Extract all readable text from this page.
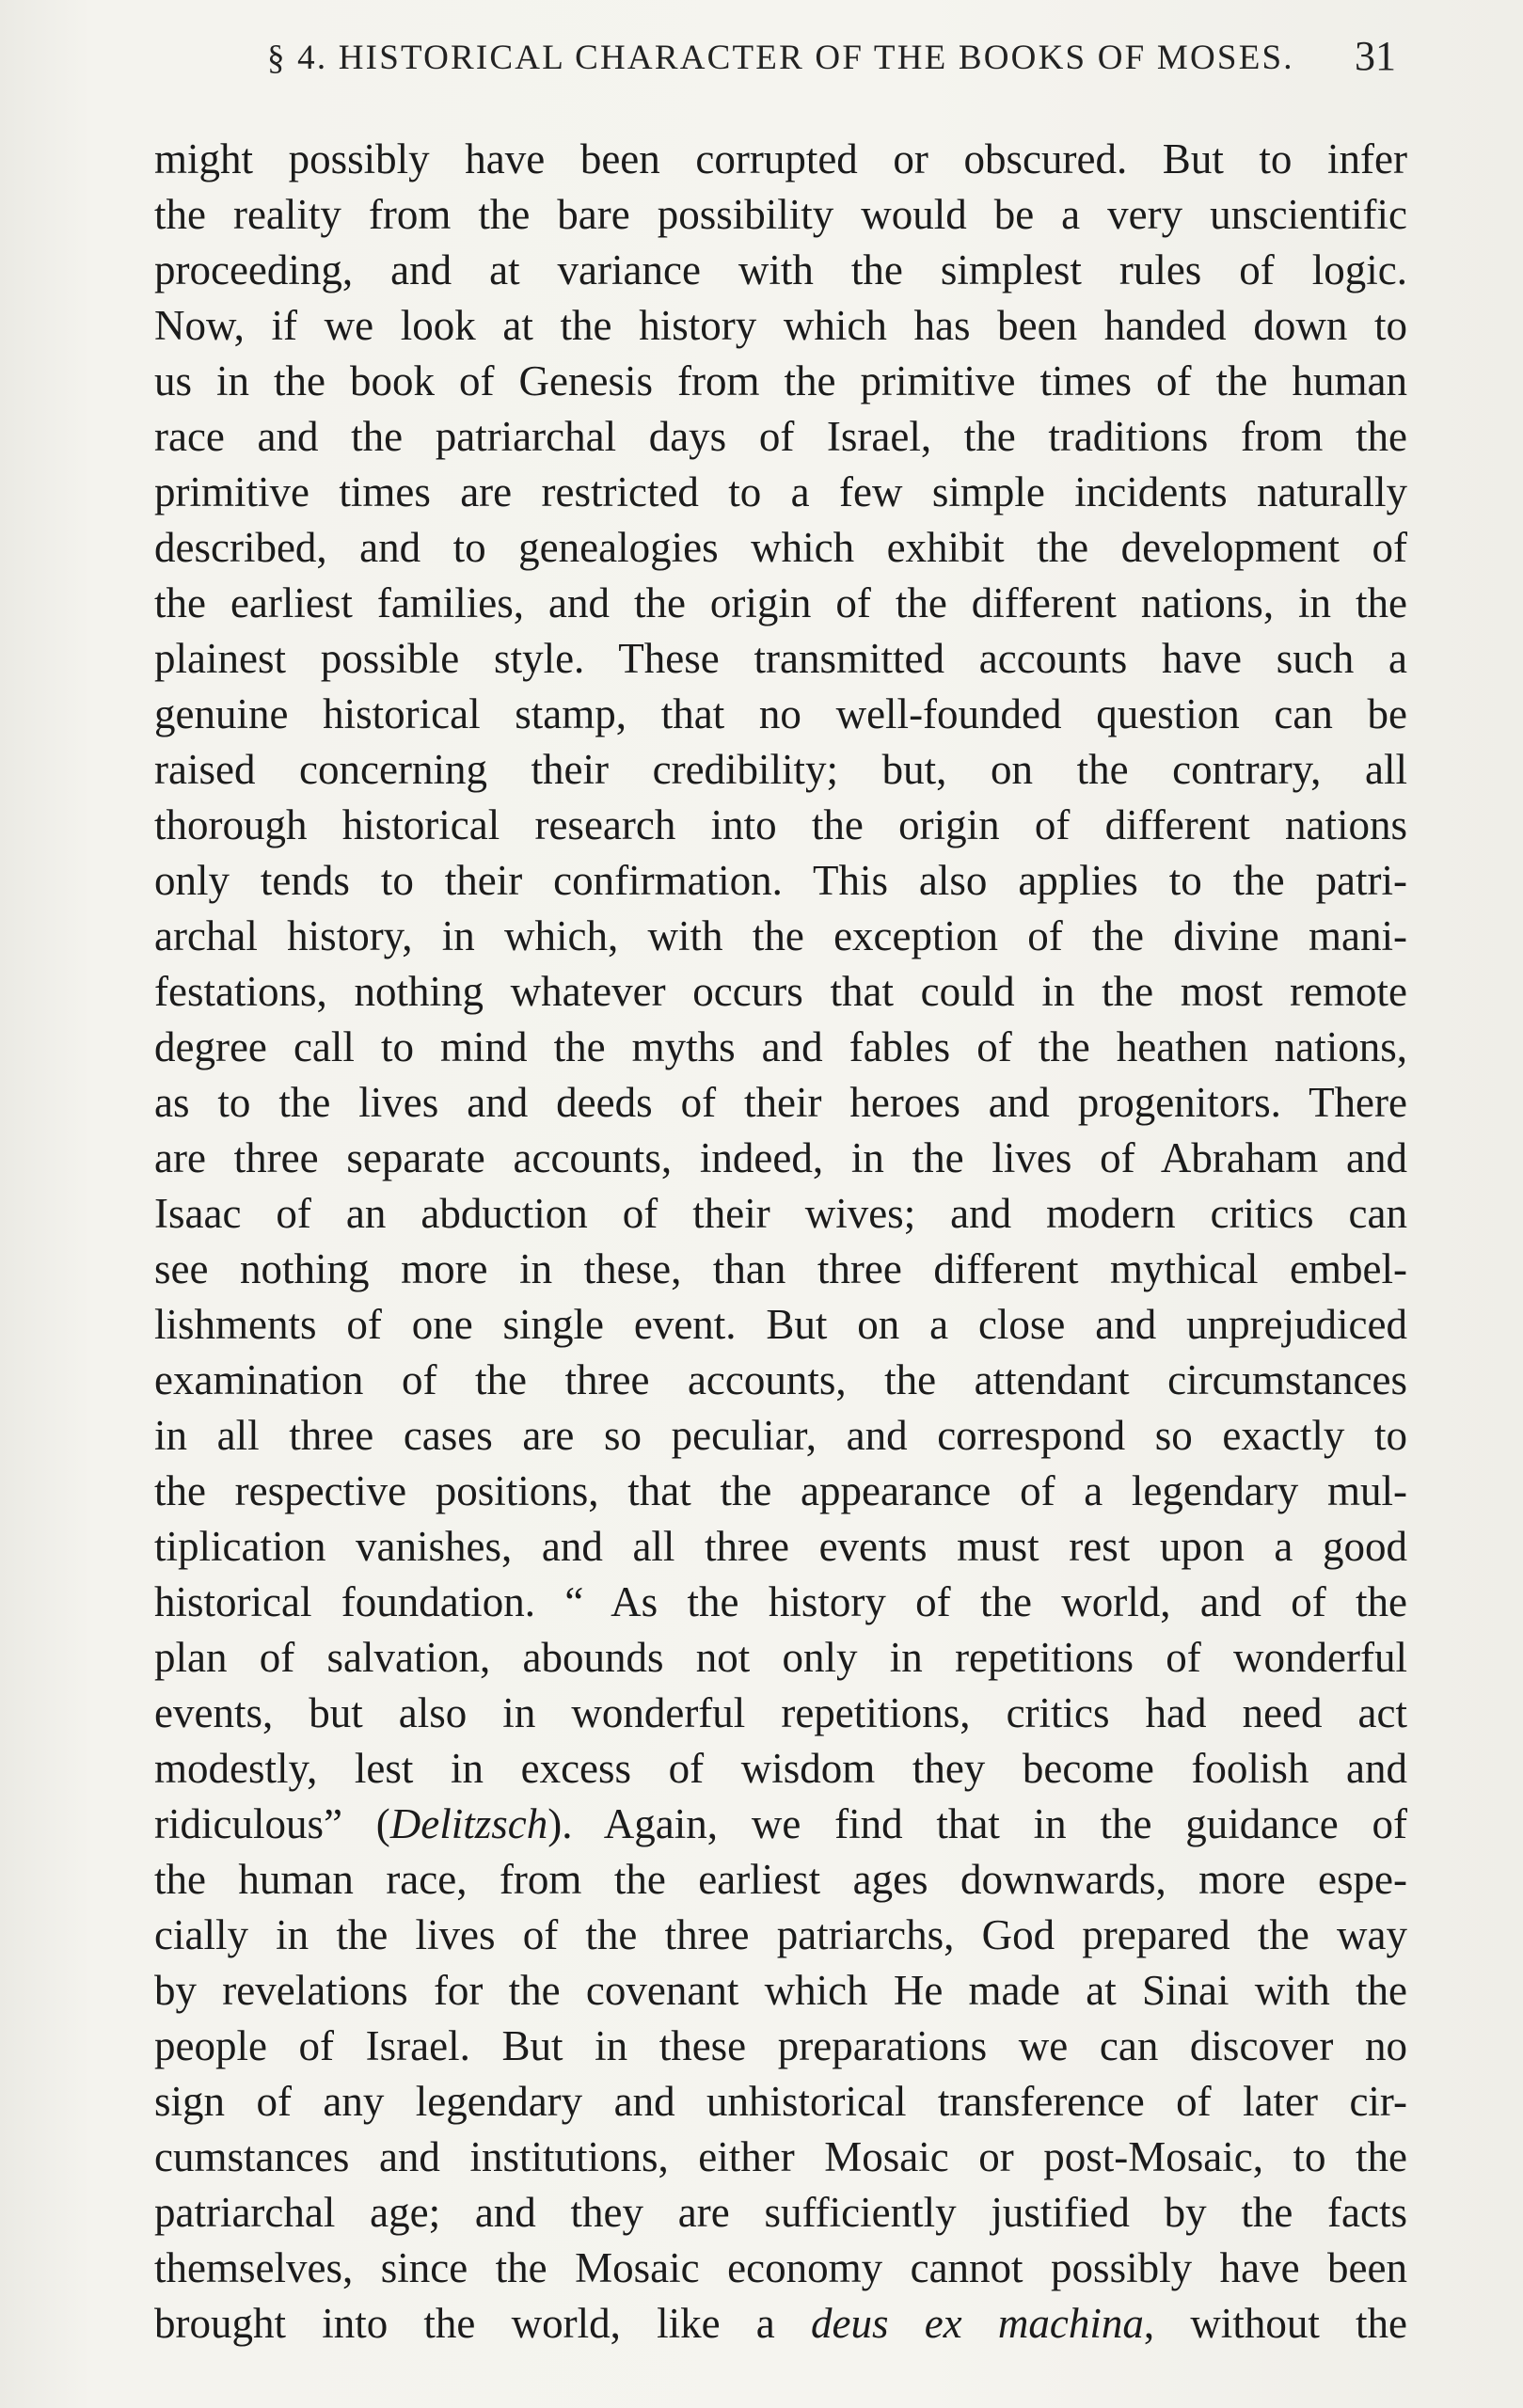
§ 4. HISTORICAL CHARACTER OF THE BOOKS OF MOSES. 31
might possibly have been corrupted or obscured. But to infer
the reality from the bare possibility would be a very unscientific
proceeding, and at variance with the simplest rules of logic.
Now, if we look at the history which has been handed down to
us in the book of Genesis from the primitive times of the human
race and the patriarchal days of Israel, the traditions from the
primitive times are restricted to a few simple incidents naturally
described, and to genealogies which exhibit the development of
the earliest families, and the origin of the different nations, in the
plainest possible style. These transmitted accounts have such a
genuine historical stamp, that no well-founded question can be
raised concerning their credibility; but, on the contrary, all
thorough historical research into the origin of different nations
only tends to their confirmation. This also applies to the patri-
archal history, in which, with the exception of the divine mani-
festations, nothing whatever occurs that could in the most remote
degree call to mind the myths and fables of the heathen nations,
as to the lives and deeds of their heroes and progenitors. There
are three separate accounts, indeed, in the lives of Abraham and
Isaac of an abduction of their wives; and modern critics can
see nothing more in these, than three different mythical embel-
lishments of one single event. But on a close and unprejudiced
examination of the three accounts, the attendant circumstances
in all three cases are so peculiar, and correspond so exactly to
the respective positions, that the appearance of a legendary mul-
tiplication vanishes, and all three events must rest upon a good
historical foundation. “ As the history of the world, and of the
plan of salvation, abounds not only in repetitions of wonderful
events, but also in wonderful repetitions, critics had need act
modestly, lest in excess of wisdom they become foolish and
ridiculous” (Delitzsch). Again, we find that in the guidance of
the human race, from the earliest ages downwards, more espe-
cially in the lives of the three patriarchs, God prepared the way
by revelations for the covenant which He made at Sinai with the
people of Israel. But in these preparations we can discover no
sign of any legendary and unhistorical transference of later cir-
cumstances and institutions, either Mosaic or post-Mosaic, to the
patriarchal age; and they are sufficiently justified by the facts
themselves, since the Mosaic economy cannot possibly have been
brought into the world, like a deus ex machina, without the
